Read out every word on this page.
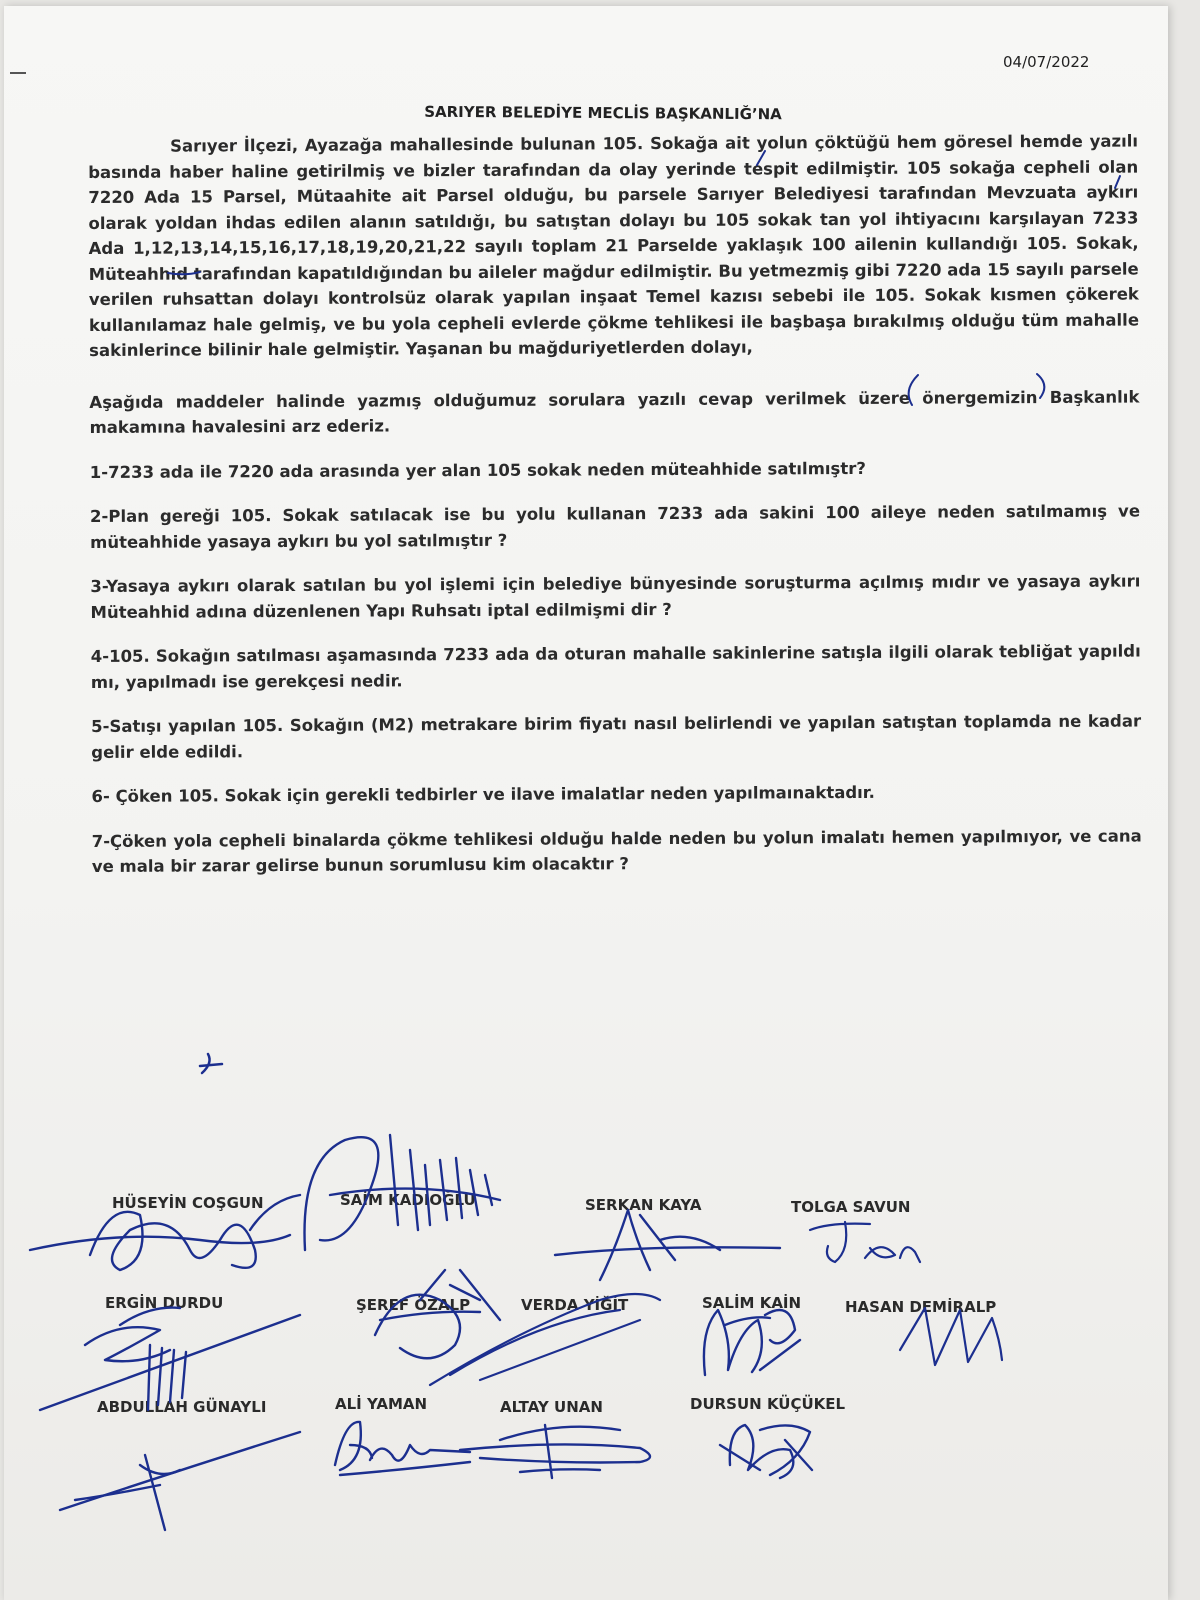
04/07/2022
SARIYER BELEDİYE MECLİS BAŞKANLIĞ’NA

Sarıyer İlçezi, Ayazağa mahallesinde bulunan 105. Sokağa ait yolun çöktüğü hem göresel hemde yazılı basında haber haline getirilmiş ve bizler tarafından da olay yerinde tespit edilmiştir. 105 sokağa cepheli olan 7220 Ada 15 Parsel, Mütaahite ait Parsel olduğu, bu parsele Sarıyer Belediyesi tarafından Mevzuata aykırı olarak yoldan ihdas edilen alanın satıldığı, bu satıştan dolayı bu 105 sokak tan yol ihtiyacını karşılayan 7233 Ada 1,12,13,14,15,16,17,18,19,20,21,22 sayılı toplam 21 Parselde yaklaşık 100 ailenin kullandığı 105. Sokak, Müteahhid tarafından kapatıldığından bu aileler mağdur edilmiştir. Bu yetmezmiş gibi 7220 ada 15 sayılı parsele verilen ruhsattan dolayı kontrolsüz olarak yapılan inşaat Temel kazısı sebebi ile 105. Sokak kısmen çökerek kullanılamaz hale gelmiş, ve bu yola cepheli evlerde çökme tehlikesi ile başbaşa bırakılmış olduğu tüm mahalle sakinlerince bilinir hale gelmiştir. Yaşanan bu mağduriyetlerden dolayı,

Aşağıda maddeler halinde yazmış olduğumuz sorulara yazılı cevap verilmek üzere önergemizin Başkanlık makamına havalesini arz ederiz.

1-7233 ada ile 7220 ada arasında yer alan 105 sokak neden müteahhide satılmıştr?

2-Plan gereği 105. Sokak satılacak ise bu yolu kullanan 7233 ada sakini 100 aileye neden satılmamış ve müteahhide yasaya aykırı bu yol satılmıştır ?

3-Yasaya aykırı olarak satılan bu yol işlemi için belediye bünyesinde soruşturma açılmış mıdır ve yasaya aykırı Müteahhid adına düzenlenen Yapı Ruhsatı iptal edilmişmi dir ?

4-105. Sokağın satılması aşamasında 7233 ada da oturan mahalle sakinlerine satışla ilgili olarak tebliğat yapıldı mı, yapılmadı ise gerekçesi nedir.

5-Satışı yapılan 105. Sokağın (M2) metrakare birim fiyatı nasıl belirlendi ve yapılan satıştan toplamda ne kadar gelir elde edildi.

6- Çöken 105. Sokak için gerekli tedbirler ve ilave imalatlar neden yapılmaınaktadır.

7-Çöken yola cepheli binalarda çökme tehlikesi olduğu halde neden bu yolun imalatı hemen yapılmıyor, ve cana ve mala bir zarar gelirse bunun sorumlusu kim olacaktır ?

HÜSEYİN COŞGUN	SAİM KADIOĞLU	SERKAN KAYA	TOLGA SAVUN
ERGİN DURDU	ŞEREF ÖZALP	VERDA YİĞİT	SALİM KAİN	HASAN DEMİRALP
ABDULLAH GÜNAYLI	ALİ YAMAN	ALTAY UNAN	DURSUN KÜÇÜKEL
